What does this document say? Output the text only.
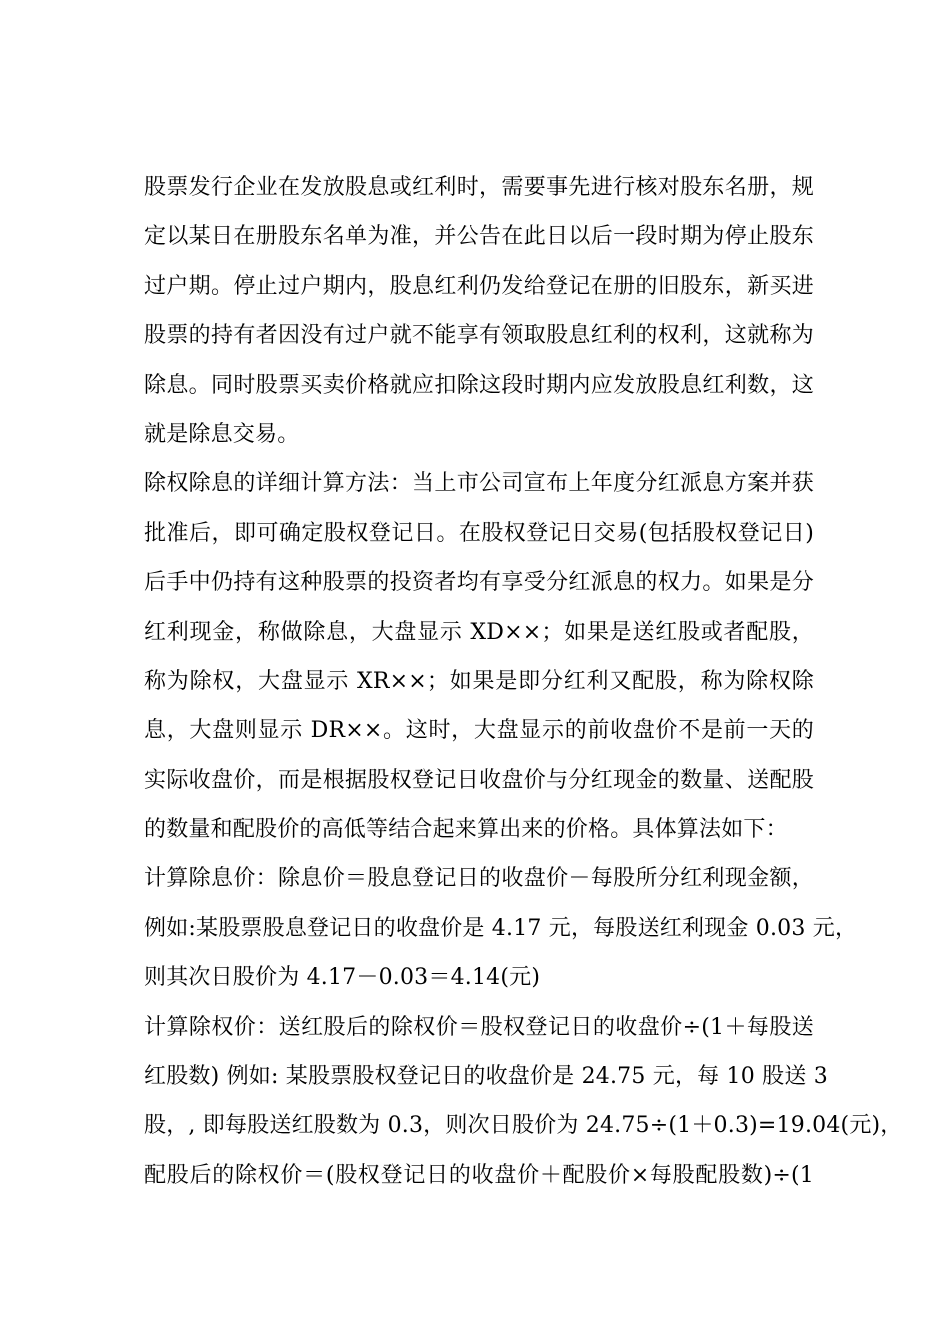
股票发行企业在发放股息或红利时，需要事先进行核对股东名册，规
定以某日在册股东名单为准，并公告在此日以后一段时期为停止股东
过户期。停止过户期内，股息红利仍发给登记在册的旧股东，新买进
股票的持有者因没有过户就不能享有领取股息红利的权利，这就称为
除息。同时股票买卖价格就应扣除这段时期内应发放股息红利数，这
就是除息交易。
除权除息的详细计算方法：当上市公司宣布上年度分红派息方案并获
批准后，即可确定股权登记日。在股权登记日交易(包括股权登记日)
后手中仍持有这种股票的投资者均有享受分红派息的权力。如果是分
红利现金，称做除息，大盘显示 XD××；如果是送红股或者配股，
称为除权，大盘显示 XR××；如果是即分红利又配股，称为除权除
息，大盘则显示 DR××。这时，大盘显示的前收盘价不是前一天的
实际收盘价，而是根据股权登记日收盘价与分红现金的数量、送配股
的数量和配股价的高低等结合起来算出来的价格。具体算法如下：
计算除息价：除息价＝股息登记日的收盘价－每股所分红利现金额，
例如:某股票股息登记日的收盘价是 4.17 元，每股送红利现金 0.03 元，
则其次日股价为 4.17－0.03＝4.14(元)
计算除权价：送红股后的除权价＝股权登记日的收盘价÷(1＋每股送
红股数) 例如: 某股票股权登记日的收盘价是 24.75 元，每 10 股送 3
股，, 即每股送红股数为 0.3，则次日股价为 24.75÷(1＋0.3)=19.04(元)，
配股后的除权价＝(股权登记日的收盘价＋配股价×每股配股数)÷(1
